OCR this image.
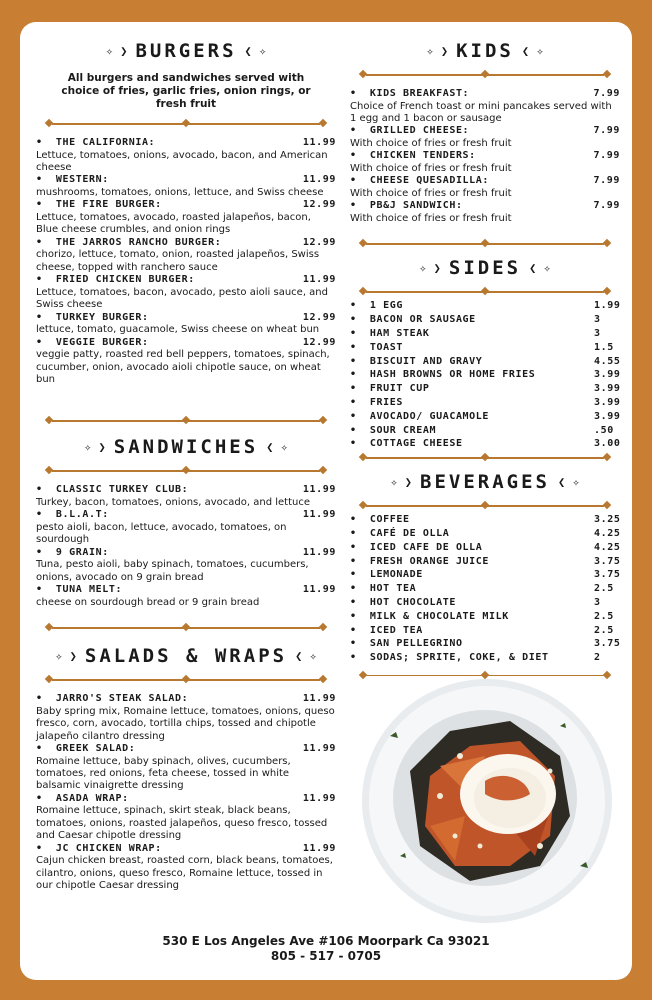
✧ ❯ BURGERS ❮ ✧
All burgers and sandwiches served with choice of fries, garlic fries, onion rings, or fresh fruit
•  THE CALIFORNIA:	11.99
Lettuce, tomatoes, onions, avocado, bacon, and American cheese
•  WESTERN:	11.99
mushrooms, tomatoes, onions, lettuce, and Swiss cheese
•  THE FIRE BURGER:	12.99
Lettuce, tomatoes, avocado, roasted jalapeños, bacon, Blue cheese crumbles, and onion rings
•  THE JARROS RANCHO BURGER:	12.99
chorizo, lettuce, tomato, onion, roasted jalapeños, Swiss cheese, topped with ranchero sauce
•  FRIED CHICKEN BURGER:	11.99
Lettuce, tomatoes, bacon, avocado, pesto aioli sauce, and Swiss cheese
•  TURKEY BURGER:	12.99
lettuce, tomato, guacamole, Swiss cheese on wheat bun
•  VEGGIE BURGER:	12.99
veggie patty, roasted red bell peppers, tomatoes, spinach, cucumber, onion, avocado aioli chipotle sauce, on wheat bun
✧ ❯ SANDWICHES ❮ ✧
•  CLASSIC TURKEY CLUB:	11.99
Turkey, bacon, tomatoes, onions, avocado, and lettuce
•  B.L.A.T:	11.99
pesto aioli, bacon, lettuce, avocado, tomatoes, on sourdough
•  9 GRAIN:	11.99
Tuna, pesto aioli, baby spinach, tomatoes, cucumbers, onions, avocado on 9 grain bread
•  TUNA MELT:	11.99
cheese on sourdough bread or 9 grain bread
✧ ❯ SALADS & WRAPS ❮ ✧
•  JARRO'S STEAK SALAD:	11.99
Baby spring mix, Romaine lettuce, tomatoes, onions, queso fresco, corn, avocado, tortilla chips, tossed and chipotle jalapeño cilantro dressing
•  GREEK SALAD:	11.99
Romaine lettuce, baby spinach, olives, cucumbers, tomatoes, red onions, feta cheese, tossed in white balsamic vinaigrette dressing
•  ASADA WRAP:	11.99
Romaine lettuce, spinach, skirt steak, black beans, tomatoes, onions, roasted jalapeños, queso fresco, tossed and Caesar chipotle dressing
•  JC CHICKEN WRAP:	11.99
Cajun chicken breast, roasted corn, black beans, tomatoes, cilantro, onions, queso fresco, Romaine lettuce, tossed in our chipotle Caesar dressing
✧ ❯ KIDS ❮ ✧
•  KIDS BREAKFAST:	7.99
Choice of French toast or mini pancakes served with 1 egg and 1 bacon or sausage
•  GRILLED CHEESE:	7.99
With choice of fries or fresh fruit
•  CHICKEN TENDERS:	7.99
With choice of fries or fresh fruit
•  CHEESE QUESADILLA:	7.99
With choice of fries or fresh fruit
•  PB&J SANDWICH:	7.99
With choice of fries or fresh fruit
✧ ❯ SIDES ❮ ✧
•  1 EGG	1.99
•  BACON OR SAUSAGE	3
•  HAM STEAK	3
•  TOAST	1.5
•  BISCUIT AND GRAVY	4.55
•  HASH BROWNS OR HOME FRIES	3.99
•  FRUIT CUP	3.99
•  FRIES	3.99
•  AVOCADO/ GUACAMOLE	3.99
•  SOUR CREAM	.50
•  COTTAGE CHEESE	3.00
✧ ❯ BEVERAGES ❮ ✧
•  COFFEE	3.25
•  CAFÉ DE OLLA	4.25
•  ICED CAFE DE OLLA	4.25
•  FRESH ORANGE JUICE	3.75
•  LEMONADE	3.75
•  HOT TEA	2.5
•  HOT CHOCOLATE	3
•  MILK & CHOCOLATE MILK	2.5
•  ICED TEA	2.5
•  SAN PELLEGRINO	3.75
•  SODAS; SPRITE, COKE, & DIET	2
530 E Los Angeles Ave #106 Moorpark Ca 93021
805 - 517 - 0705
